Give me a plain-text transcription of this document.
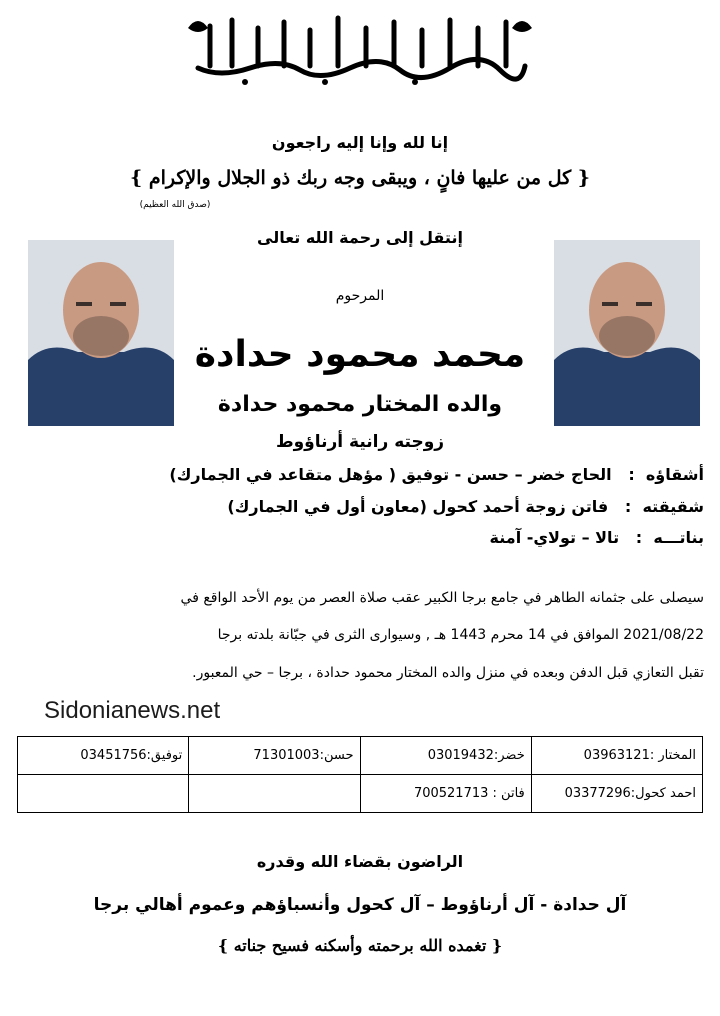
إنا لله وإنا إليه راجعون
{ كل من عليها فانٍ ، ويبقى وجه ربك ذو الجلال والإكرام }
(صدق الله العظيم)
إنتقل إلى رحمة الله تعالى
المرحوم
محمد محمود حدادة
والده المختار محمود حدادة
زوجته رانية أرناؤوط
أشقاؤه  :   الحاج خضر – حسن - توفيق ( مؤهل متقاعد في الجمارك)
شقيقته  :   فاتن زوجة أحمد كحول (معاون أول في الجمارك)
بناتـــه  :   تالا – تولاي- آمنة
سيصلى على جثمانه الطاهر في جامع برجا الكبير عقب صلاة العصر من يوم الأحد الواقع في
2021/08/22 الموافق في 14 محرم 1443 هـ , وسيوارى الثرى في جبّانة بلدته برجا
تقبل التعازي قبل الدفن وبعده في منزل والده المختار محمود حدادة ، برجا – حي المعبور.
Sidonianews.net
المختار :03963121	خضر:03019432	حسن:71301003	توفيق:03451756
احمد كحول:03377296	فاتن : 700521713		
الراضون بقضاء الله وقدره
آل حدادة - آل أرناؤوط – آل كحول وأنسباؤهم وعموم أهالي برجا
{ تغمده الله برحمته وأسكنه فسيح جناته }
